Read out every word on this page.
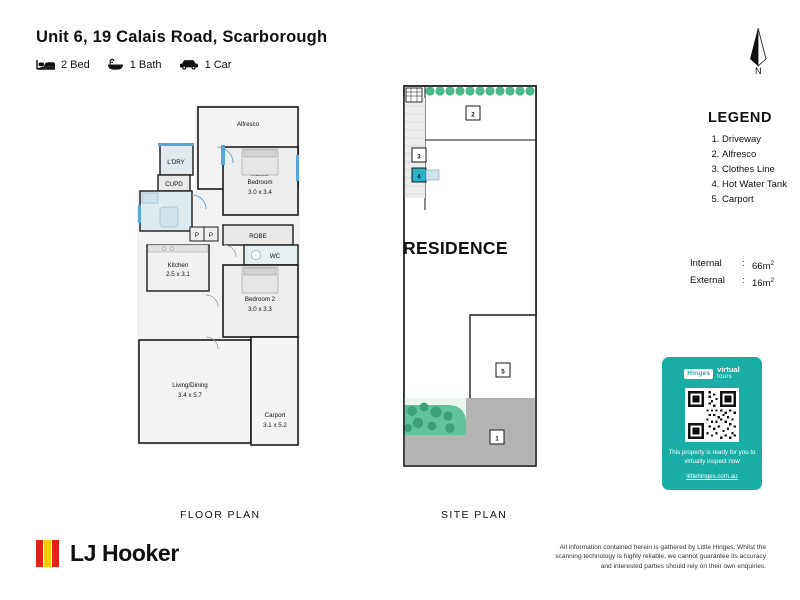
Unit 6, 19 Calais Road, Scarborough
2 Bed	1 Bath	1 Car
N
Alfresco
Bedroom
3.0 x 3.4
ROBE
L'DRY
CUPD
Kitchen
2.5 x 3.1
P P
WC
Bedroom 2
3.0 x 3.3
Living/Dining
3.4 x 5.7
Carport
3.1 x 5.2
FLOOR PLAN
3
4
2
5
1
RESIDENCE
SITE PLAN
LEGEND
1. Driveway
2. Alfresco
3. Clothes Line
4. Hot Water Tank
5. Carport
Internal	: $66m^2$
External	: $16m^2$
Hinges virtual
tours
This property is ready for you to virtually inspect now
littlehinges.com.au
LJ Hooker	All information contained herein is gathered by Little Hinges. Whilst the scanning technology is highly reliable, we cannot guarantee its accuracy and interested parties should rely on their own enquiries.
